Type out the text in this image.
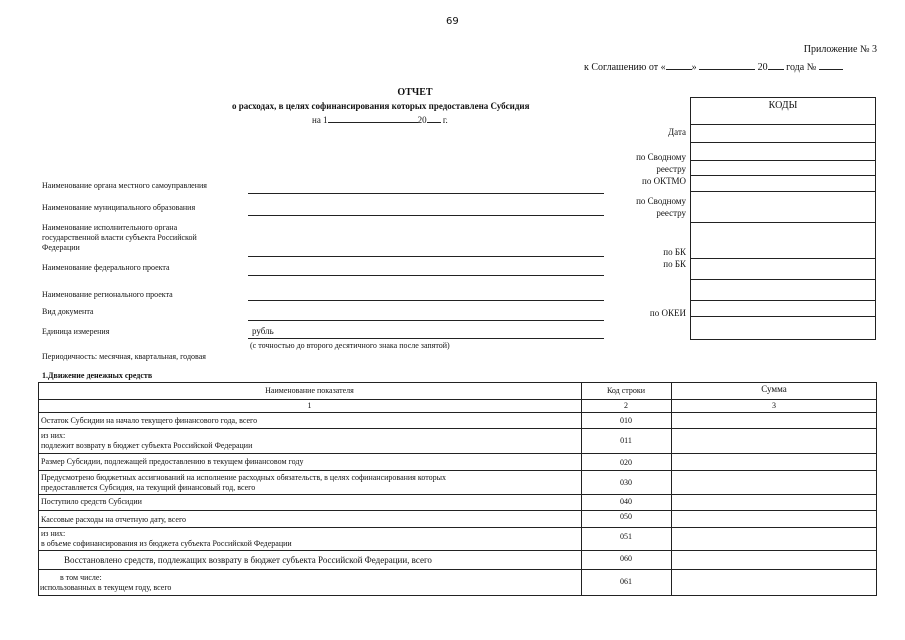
69
Приложение № 3
к Соглашению от «	»	20 года №
ОТЧЕТ
о расходах, в целях софинансирования которых предоставлена Субсидия
на 1	20 г.
КОДЫ
Дата
по Сводному
реестру
по ОКТМО
по Сводному
реестру
по БК
по БК
по ОКЕИ
Наименование органа местного самоуправления
Наименование муниципального образования
Наименование исполнительного органа
государственной власти субъекта Российской
Федерации
Наименование федерального проекта
Наименование регионального проекта
Вид документа
Единица измерения	рубль
(с точностью до второго десятичного знака после запятой)
Периодичность: месячная, квартальная, годовая
1.Движение денежных средств
Наименование показателя	Код строки	Сумма
1	2	3
Остаток Субсидии на начало текущего финансового года, всего	010
из них:
подлежит возврату в бюджет субъекта Российской Федерации
011
Размер Субсидии, подлежащей предоставлению в текущем финансовом году	020
Предусмотрено бюджетных ассигнований на исполнение расходных обязательств, в целях софинансирования которых
предоставляется Субсидия, на текущий финансовый год, всего
030
Поступило средств Субсидии	040
Кассовые расходы на отчетную дату, всего	050
из них:
в объеме софинансирования из бюджета субъекта Российской Федерации
051
Восстановлено средств, подлежащих возврату в бюджет субъекта Российской Федерации, всего	060
в том числе:
использованных в текущем году, всего
061
